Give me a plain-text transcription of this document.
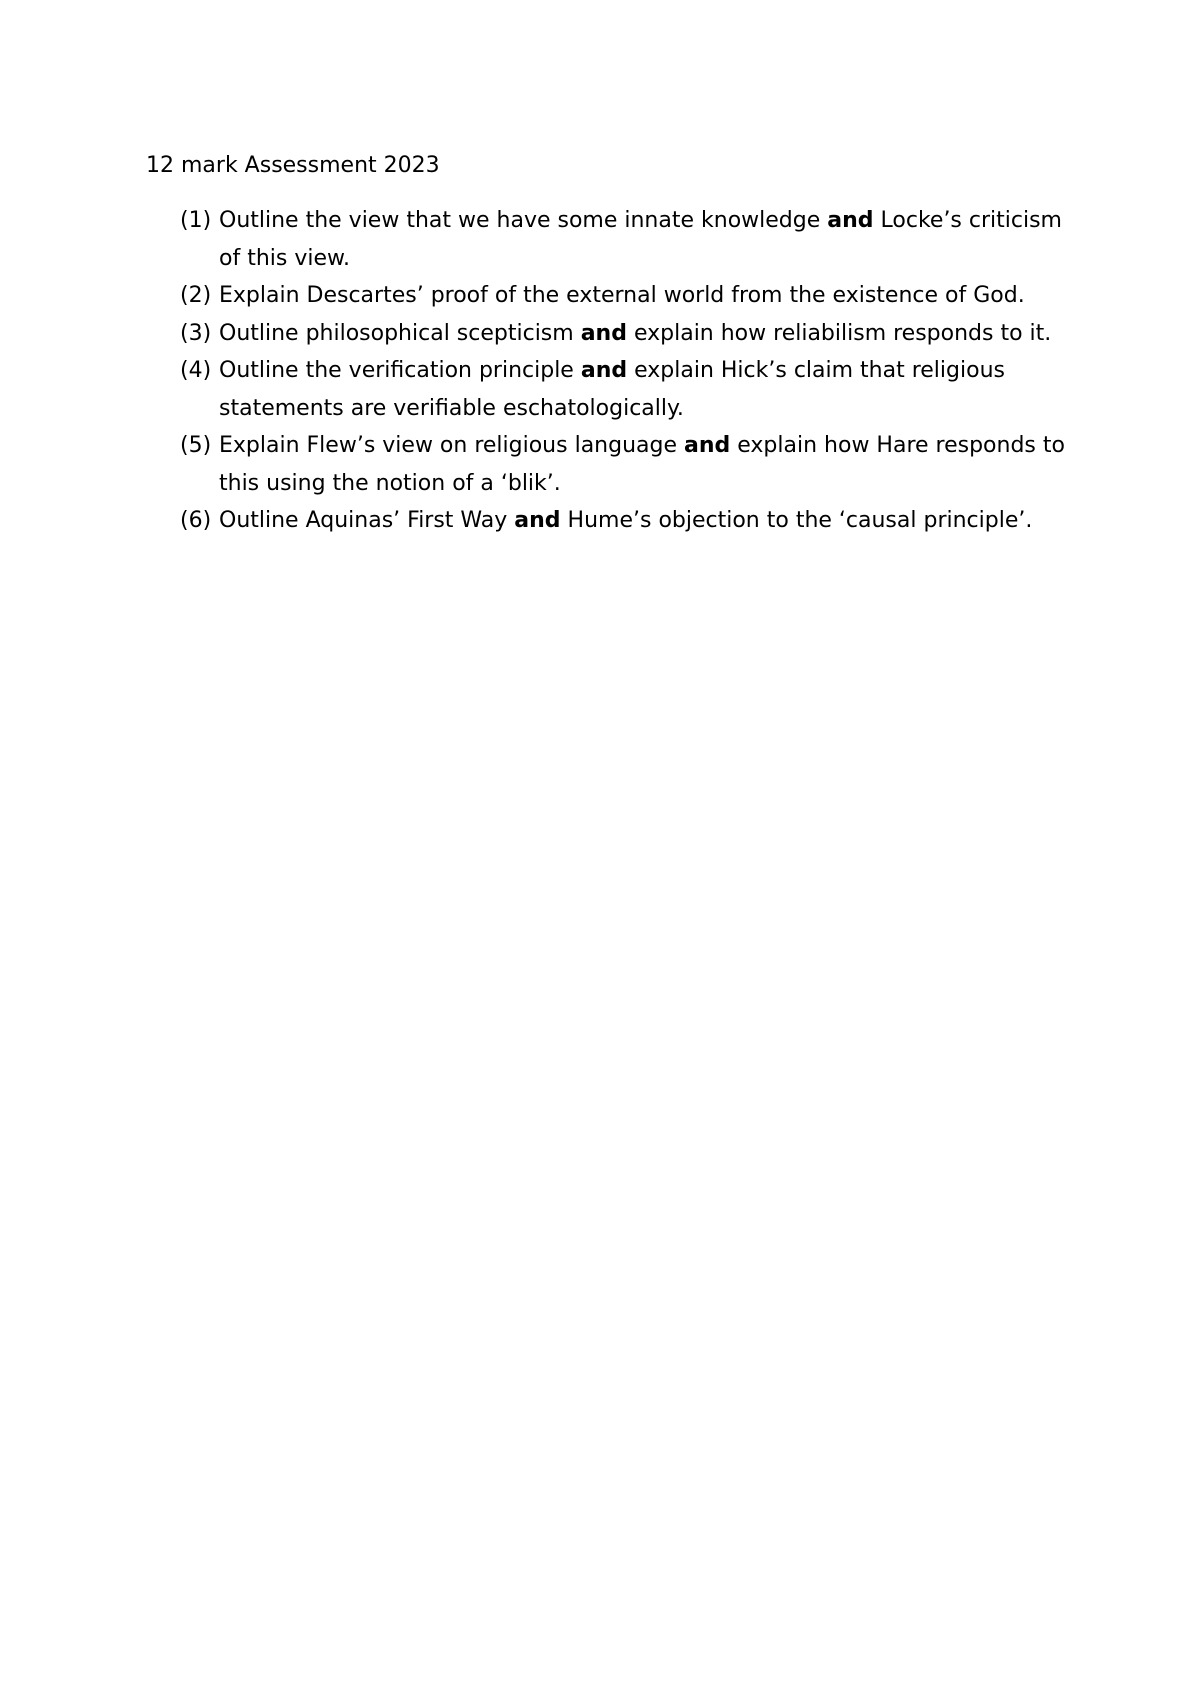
12 mark Assessment 2023
(1) Outline the view that we have some innate knowledge and Locke’s criticism of this view.
(2) Explain Descartes’ proof of the external world from the existence of God.
(3) Outline philosophical scepticism and explain how reliabilism responds to it.
(4) Outline the verification principle and explain Hick’s claim that religious statements are verifiable eschatologically.
(5) Explain Flew’s view on religious language and explain how Hare responds to this using the notion of a ‘blik’.
(6) Outline Aquinas’ First Way and Hume’s objection to the ‘causal principle’.
